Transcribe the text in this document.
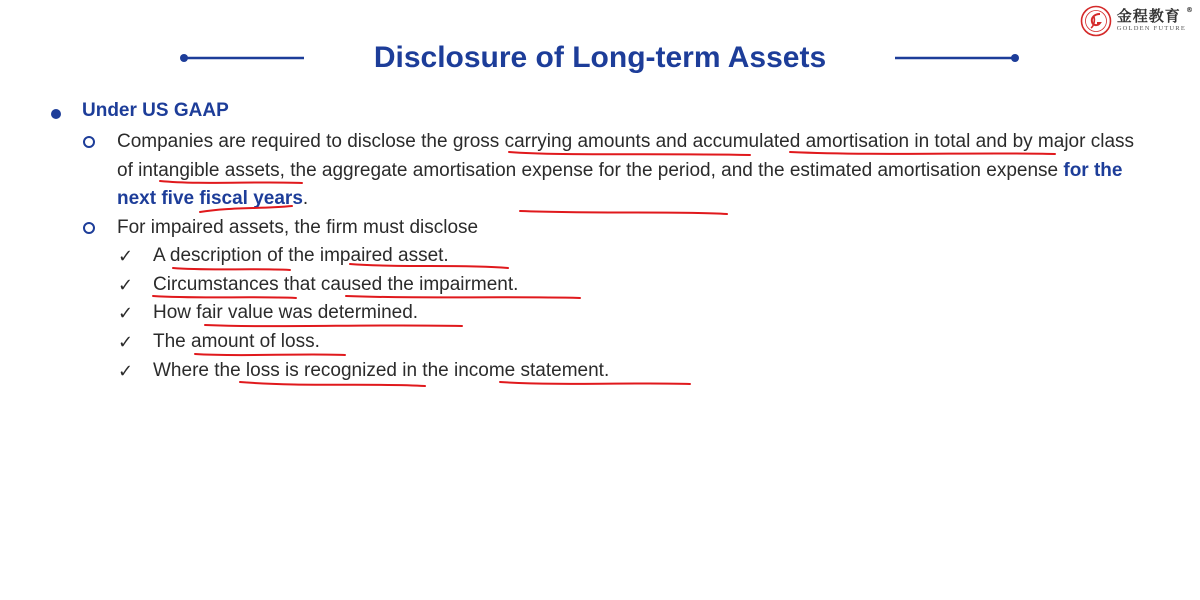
金程教育 ®
GOLDEN FUTURE
Disclosure of Long-term Assets
Under US GAAP
Companies are required to disclose the gross carrying amounts and accumulated amortisation in total and by major class of intangible assets, the aggregate amortisation expense for the period, and the estimated amortisation expense for the next five fiscal years.
For impaired assets, the firm must disclose
✓ A description of the impaired asset.
✓ Circumstances that caused the impairment.
✓ How fair value was determined.
✓ The amount of loss.
✓ Where the loss is recognized in the income statement.
